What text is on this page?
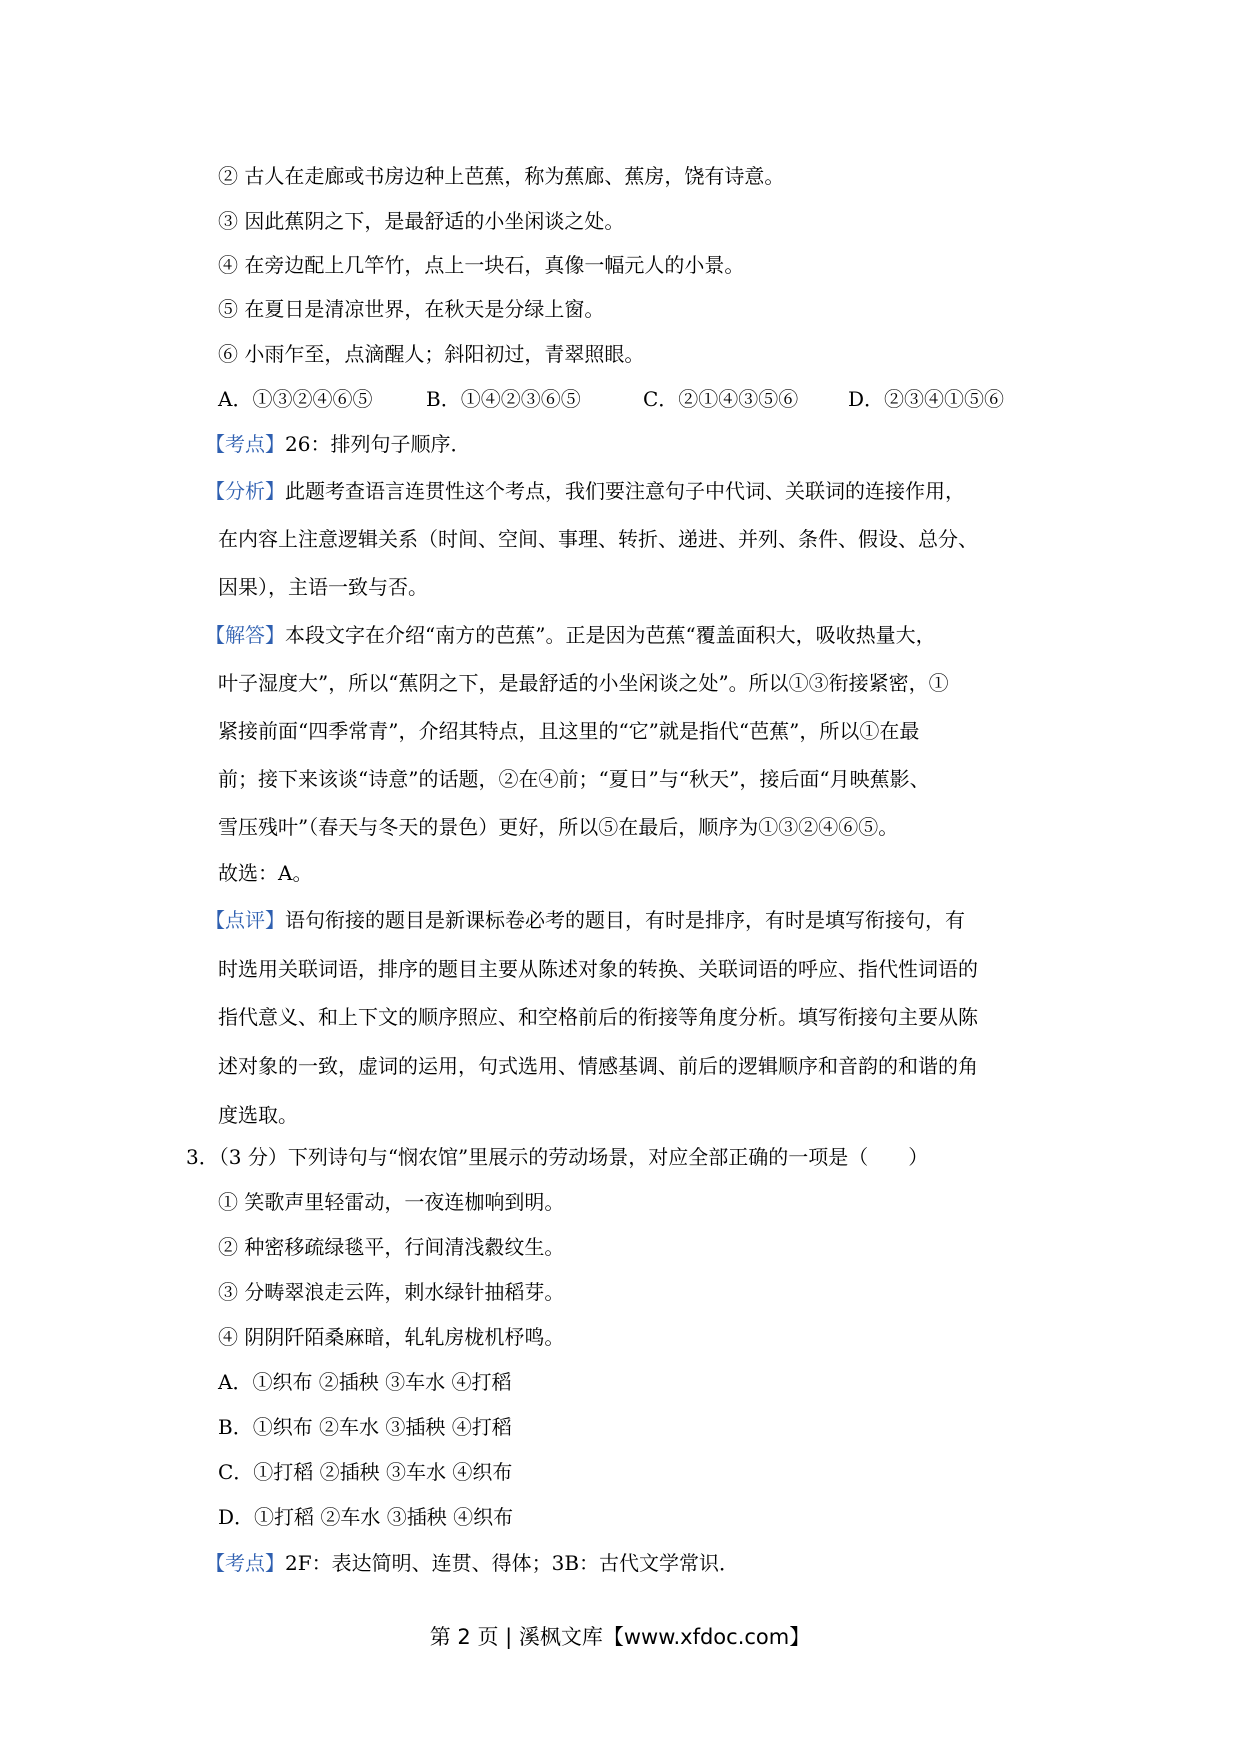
② 古人在走廊或书房边种上芭蕉，称为蕉廊、蕉房，饶有诗意。
③ 因此蕉阴之下，是最舒适的小坐闲谈之处。
④ 在旁边配上几竿竹，点上一块石，真像一幅元人的小景。
⑤ 在夏日是清凉世界，在秋天是分绿上窗。
⑥ 小雨乍至，点滴醒人；斜阳初过，青翠照眼。
A．①③②④⑥⑤	B．①④②③⑥⑤	C．②①④③⑤⑥ D．②③④①⑤⑥
【考点】26：排列句子顺序．
【分析】此题考查语言连贯性这个考点，我们要注意句子中代词、关联词的连接作用，
在内容上注意逻辑关系（时间、空间、事理、转折、递进、并列、条件、假设、总分、
因果），主语一致与否。
【解答】本段文字在介绍“南方的芭蕉”。正是因为芭蕉“覆盖面积大，吸收热量大，
叶子湿度大”，所以“蕉阴之下，是最舒适的小坐闲谈之处”。所以①③衔接紧密，①
紧接前面“四季常青”，介绍其特点，且这里的“它”就是指代“芭蕉”，所以①在最
前；接下来该谈“诗意”的话题，②在④前；“夏日”与“秋天”，接后面“月映蕉影、
雪压残叶”（春天与冬天的景色）更好，所以⑤在最后，顺序为①③②④⑥⑤。
故选：A。
【点评】语句衔接的题目是新课标卷必考的题目，有时是排序，有时是填写衔接句，有
时选用关联词语，排序的题目主要从陈述对象的转换、关联词语的呼应、指代性词语的
指代意义、和上下文的顺序照应、和空格前后的衔接等角度分析。填写衔接句主要从陈
述对象的一致，虚词的运用，句式选用、情感基调、前后的逻辑顺序和音韵的和谐的角
度选取。
3．（3 分）下列诗句与“悯农馆”里展示的劳动场景，对应全部正确的一项是（　　）
① 笑歌声里轻雷动，一夜连枷响到明。
② 种密移疏绿毯平，行间清浅縠纹生。
③ 分畴翠浪走云阵，刺水绿针抽稻芽。
④ 阴阴阡陌桑麻暗，轧轧房栊机杼鸣。
A．①织布 ②插秧 ③车水 ④打稻
B．①织布 ②车水 ③插秧 ④打稻
C．①打稻 ②插秧 ③车水 ④织布
D．①打稻 ②车水 ③插秧 ④织布
【考点】2F：表达简明、连贯、得体；3B：古代文学常识．
第 2 页 | 溪枫文库【www.xfdoc.com】
